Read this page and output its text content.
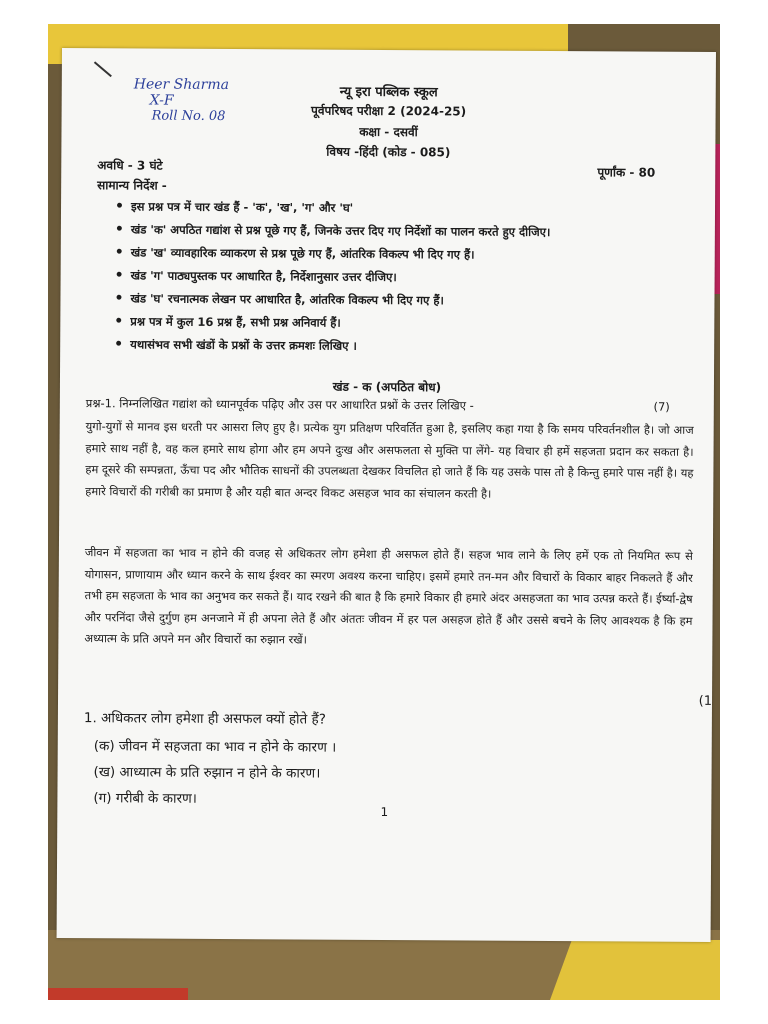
Heer Sharma
X-F
Roll No. 08
न्यू इरा पब्लिक स्कूल
पूर्वपरिषद परीक्षा 2 (2024-25)
कक्षा - दसवीं
विषय -हिंदी (कोड - 085)
अवधि - 3 घंटे	पूर्णांक - 80
सामान्य निर्देश -
• इस प्रश्न पत्र में चार खंड हैं - 'क', 'ख', 'ग' और 'घ'
• खंड 'क' अपठित गद्यांश से प्रश्न पूछे गए हैं, जिनके उत्तर दिए गए निर्देशों का पालन करते हुए दीजिए।
• खंड 'ख' व्यावहारिक व्याकरण से प्रश्न पूछे गए हैं, आंतरिक विकल्प भी दिए गए हैं।
• खंड 'ग' पाठ्यपुस्तक पर आधारित है, निर्देशानुसार उत्तर दीजिए।
• खंड 'घ' रचनात्मक लेखन पर आधारित है, आंतरिक विकल्प भी दिए गए हैं।
• प्रश्न पत्र में कुल 16 प्रश्न हैं, सभी प्रश्न अनिवार्य हैं।
• यथासंभव सभी खंडों के प्रश्नों के उत्तर क्रमशः लिखिए ।
खंड - क (अपठित बोध)
प्रश्न-1. निम्नलिखित गद्यांश को ध्यानपूर्वक पढ़िए और उस पर आधारित प्रश्नों के उत्तर लिखिए -	(7)
युगो-युगों से मानव इस धरती पर आसरा लिए हुए है। प्रत्येक युग प्रतिक्षण परिवर्तित हुआ है, इसलिए कहा गया है कि समय परिवर्तनशील है। जो आज हमारे साथ नहीं है, वह कल हमारे साथ होगा और हम अपने दुःख और असफलता से मुक्ति पा लेंगे- यह विचार ही हमें सहजता प्रदान कर सकता है। हम दूसरे की सम्पन्नता, ऊँचा पद और भौतिक साधनों की उपलब्धता देखकर विचलित हो जाते हैं कि यह उसके पास तो है किन्तु हमारे पास नहीं है। यह हमारे विचारों की गरीबी का प्रमाण है और यही बात अन्दर विकट असहज भाव का संचालन करती है।
जीवन में सहजता का भाव न होने की वजह से अधिकतर लोग हमेशा ही असफल होते हैं। सहज भाव लाने के लिए हमें एक तो नियमित रूप से योगासन, प्राणायाम और ध्यान करने के साथ ईश्वर का स्मरण अवश्य करना चाहिए। इसमें हमारे तन-मन और विचारों के विकार बाहर निकलते हैं और तभी हम सहजता के भाव का अनुभव कर सकते हैं। याद रखने की बात है कि हमारे विकार ही हमारे अंदर असहजता का भाव उत्पन्न करते हैं। ईर्ष्या-द्वेष और परनिंदा जैसे दुर्गुण हम अनजाने में ही अपना लेते हैं और अंततः जीवन में हर पल असहज होते हैं और उससे बचने के लिए आवश्यक है कि हम अध्यात्म के प्रति अपने मन और विचारों का रुझान रखें।
(1
1. अधिकतर लोग हमेशा ही असफल क्यों होते हैं?
(क) जीवन में सहजता का भाव न होने के कारण ।
(ख) आध्यात्म के प्रति रुझान न होने के कारण।
(ग) गरीबी के कारण।
1
